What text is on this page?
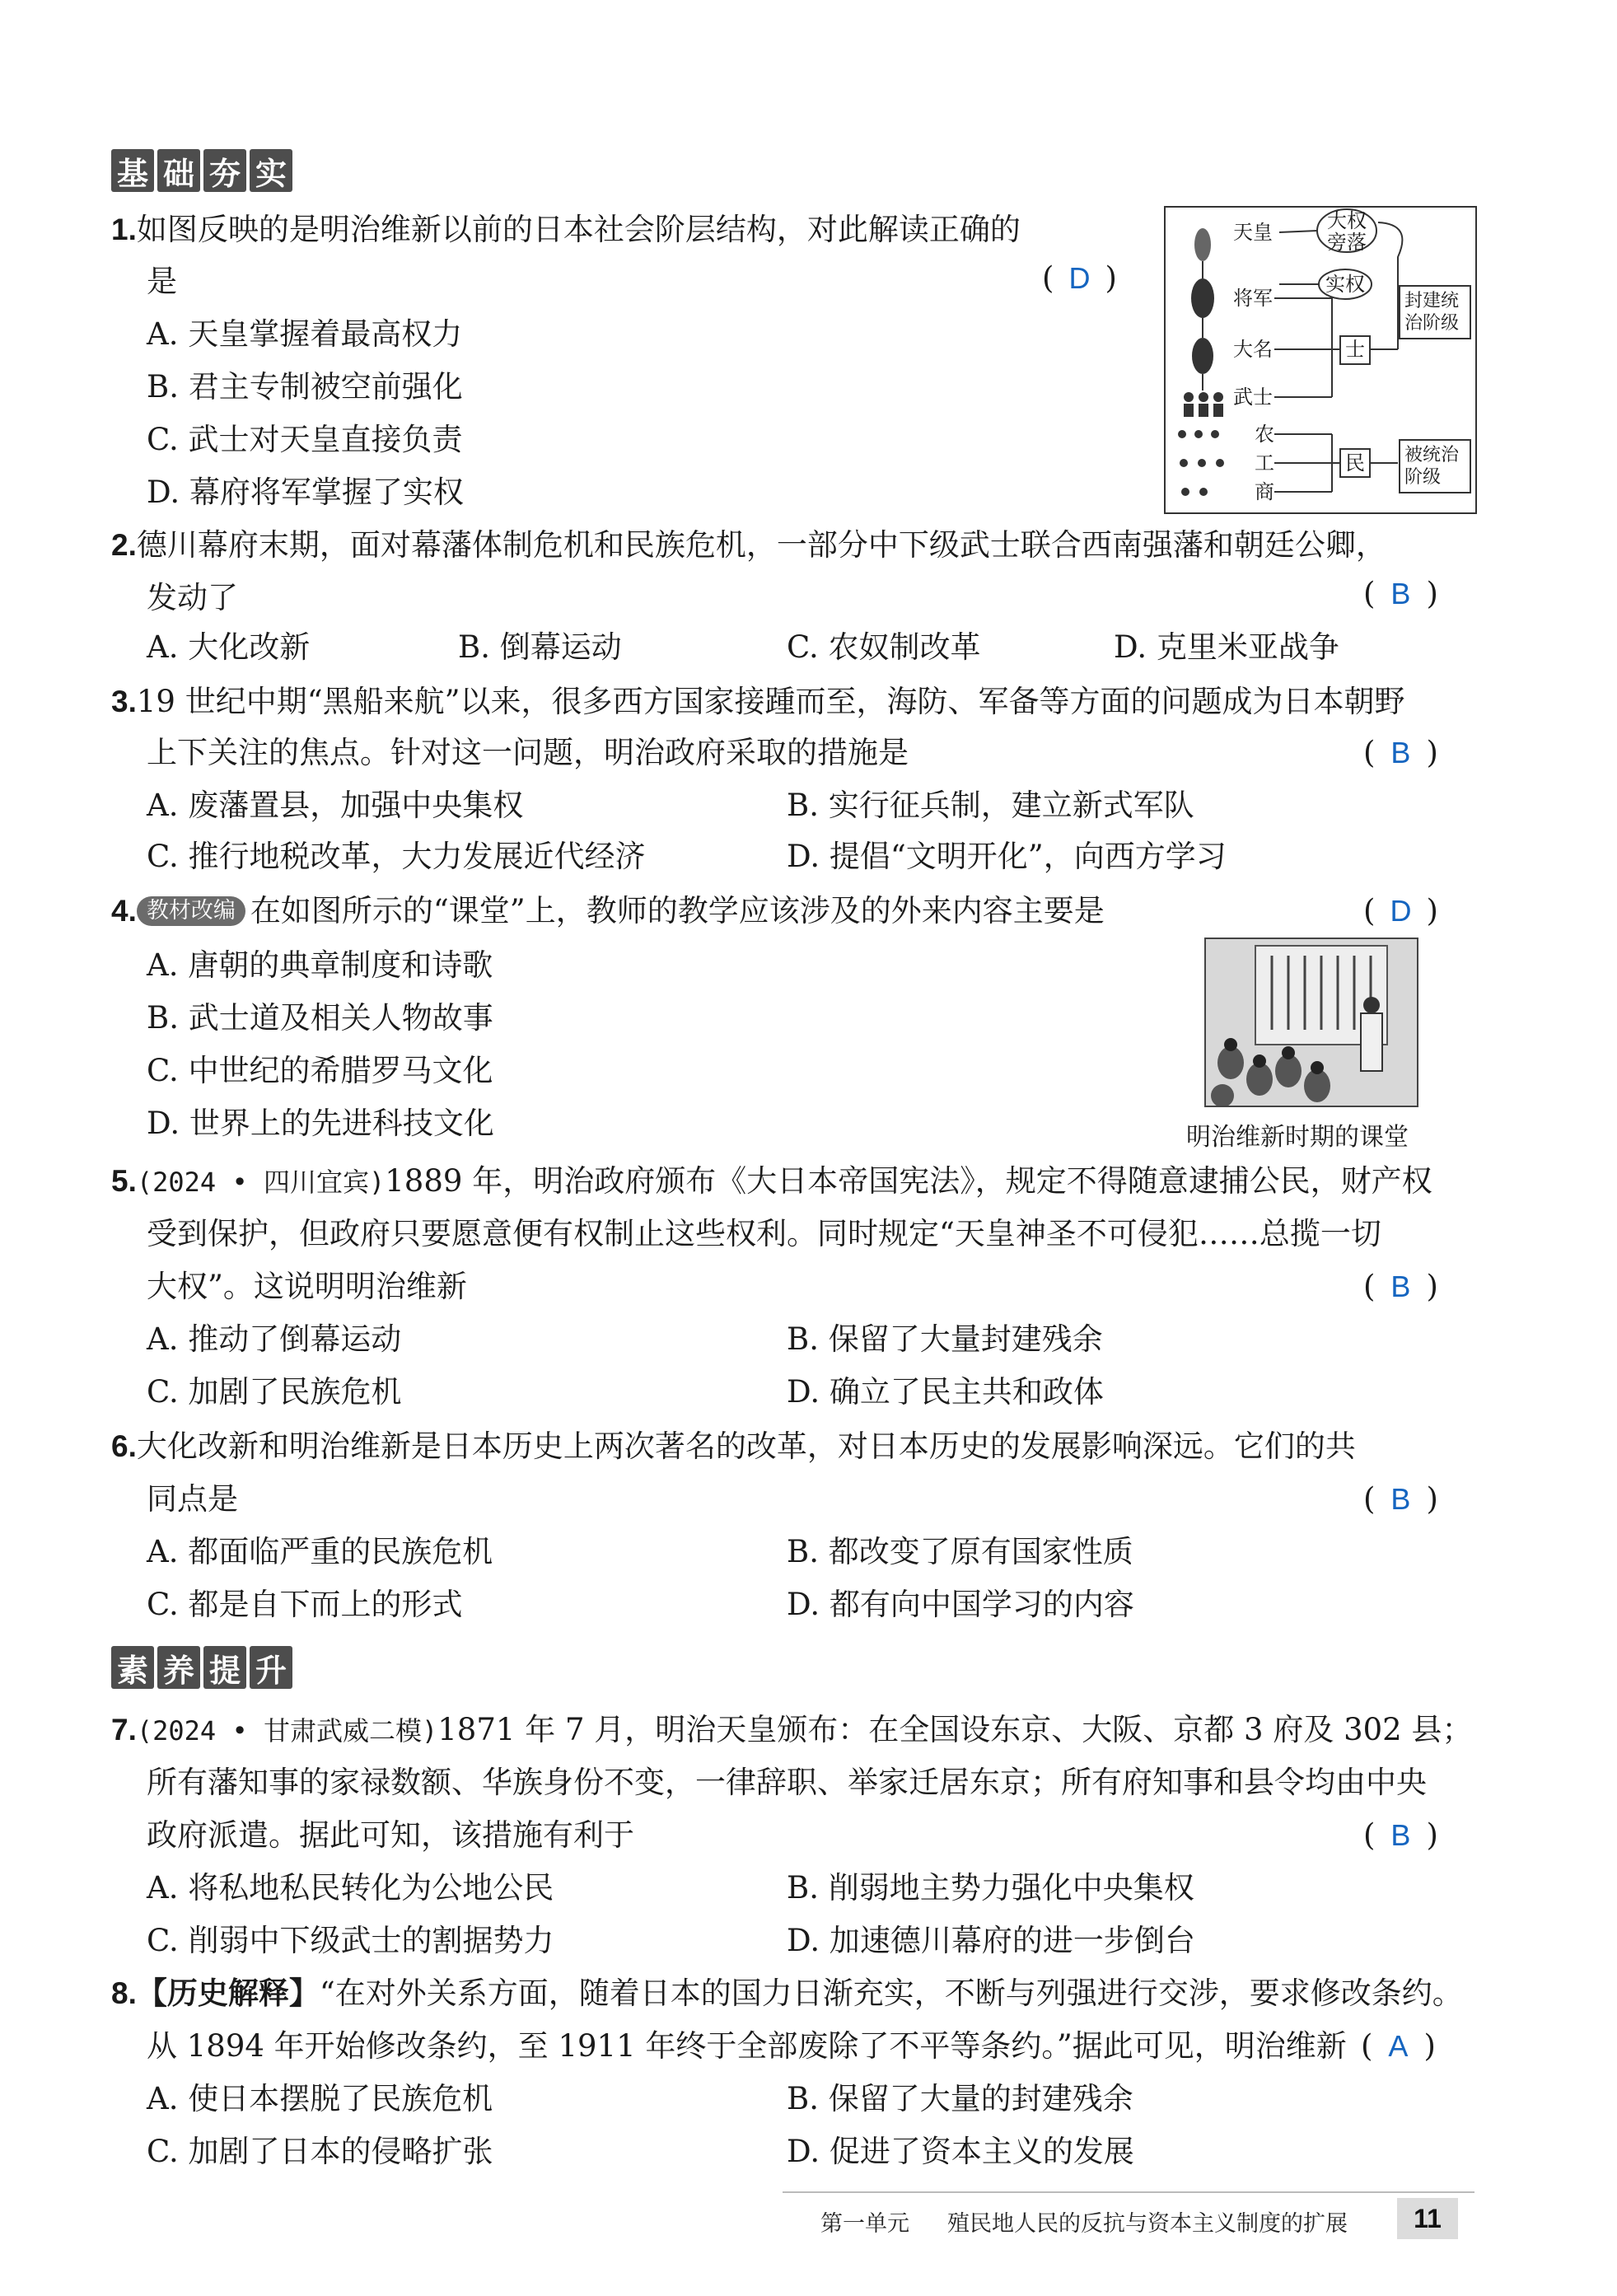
基 础 夯 实
1.如图反映的是明治维新以前的日本社会阶层结构，对此解读正确的
是	( D )
A. 天皇掌握着最高权力
B. 君主专制被空前强化
C. 武士对天皇直接负责
D. 幕府将军掌握了实权
天皇
将军
大名
武士
农
工
商
大权
旁落
实权
士
民
封建统
治阶级
被统治
阶级
2.德川幕府末期，面对幕藩体制危机和民族危机，一部分中下级武士联合西南强藩和朝廷公卿，
发动了	( B )
A. 大化改新	B. 倒幕运动	C. 农奴制改革	D. 克里米亚战争
3.19 世纪中期“黑船来航”以来，很多西方国家接踵而至，海防、军备等方面的问题成为日本朝野
上下关注的焦点。针对这一问题，明治政府采取的措施是	( B )
A. 废藩置县，加强中央集权	B. 实行征兵制，建立新式军队
C. 推行地税改革，大力发展近代经济	D. 提倡“文明开化”，向西方学习
4. 教材改编 在如图所示的“课堂”上，教师的教学应该涉及的外来内容主要是	( D )
A. 唐朝的典章制度和诗歌
B. 武士道及相关人物故事
C. 中世纪的希腊罗马文化
D. 世界上的先进科技文化	明治维新时期的课堂
5.(2024 • 四川宜宾)1889 年，明治政府颁布《大日本帝国宪法》，规定不得随意逮捕公民，财产权
受到保护，但政府只要愿意便有权制止这些权利。同时规定“天皇神圣不可侵犯……总揽一切
大权”。这说明明治维新	( B )
A. 推动了倒幕运动	B. 保留了大量封建残余
C. 加剧了民族危机	D. 确立了民主共和政体
6.大化改新和明治维新是日本历史上两次著名的改革，对日本历史的发展影响深远。它们的共
同点是	( B )
A. 都面临严重的民族危机	B. 都改变了原有国家性质
C. 都是自下而上的形式	D. 都有向中国学习的内容
素 养 提 升
7.(2024 • 甘肃武威二模)1871 年 7 月，明治天皇颁布：在全国设东京、大阪、京都 3 府及 302 县；
所有藩知事的家禄数额、华族身份不变，一律辞职、举家迁居东京；所有府知事和县令均由中央
政府派遣。据此可知，该措施有利于	( B )
A. 将私地私民转化为公地公民	B. 削弱地主势力强化中央集权
C. 削弱中下级武士的割据势力	D. 加速德川幕府的进一步倒台
8.【历史解释】“在对外关系方面，随着日本的国力日渐充实，不断与列强进行交涉，要求修改条约。
从 1894 年开始修改条约，至 1911 年终于全部废除了不平等条约。”据此可见，明治维新 ( A )
A. 使日本摆脱了民族危机	B. 保留了大量的封建残余
C. 加剧了日本的侵略扩张	D. 促进了资本主义的发展
第一单元 殖民地人民的反抗与资本主义制度的扩展	11
